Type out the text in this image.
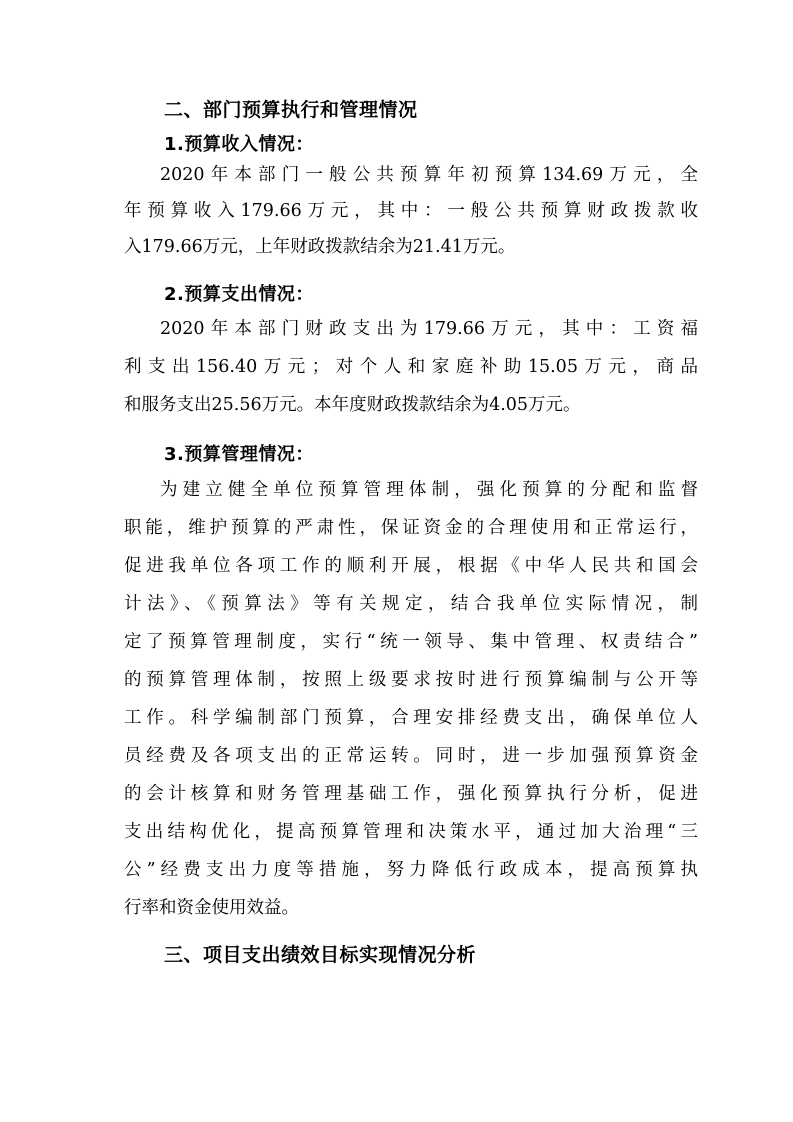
二、部门预算执行和管理情况
1.预算收入情况：

2020年本部门一般公共预算年初预算134.69万元，全

年预算收入179.66万元，其中：一般公共预算财政拨款收

入179.66万元，上年财政拨款结余为21.41万元。

2.预算支出情况：

2020年本部门财政支出为179.66万元，其中：工资福

利支出156.40万元；对个人和家庭补助15.05万元，商品

和服务支出25.56万元。本年度财政拨款结余为4.05万元。

3.预算管理情况：

为建立健全单位预算管理体制，强化预算的分配和监督

职能，维护预算的严肃性，保证资金的合理使用和正常运行，

促进我单位各项工作的顺利开展，根据《中华人民共和国会

计法》、《预算法》等有关规定，结合我单位实际情况，制

定了预算管理制度，实行“统一领导、集中管理、权责结合”

的预算管理体制，按照上级要求按时进行预算编制与公开等

工作。科学编制部门预算，合理安排经费支出，确保单位人

员经费及各项支出的正常运转。同时，进一步加强预算资金

的会计核算和财务管理基础工作，强化预算执行分析，促进

支出结构优化，提高预算管理和决策水平，通过加大治理“三

公”经费支出力度等措施，努力降低行政成本，提高预算执

行率和资金使用效益。

三、项目支出绩效目标实现情况分析
